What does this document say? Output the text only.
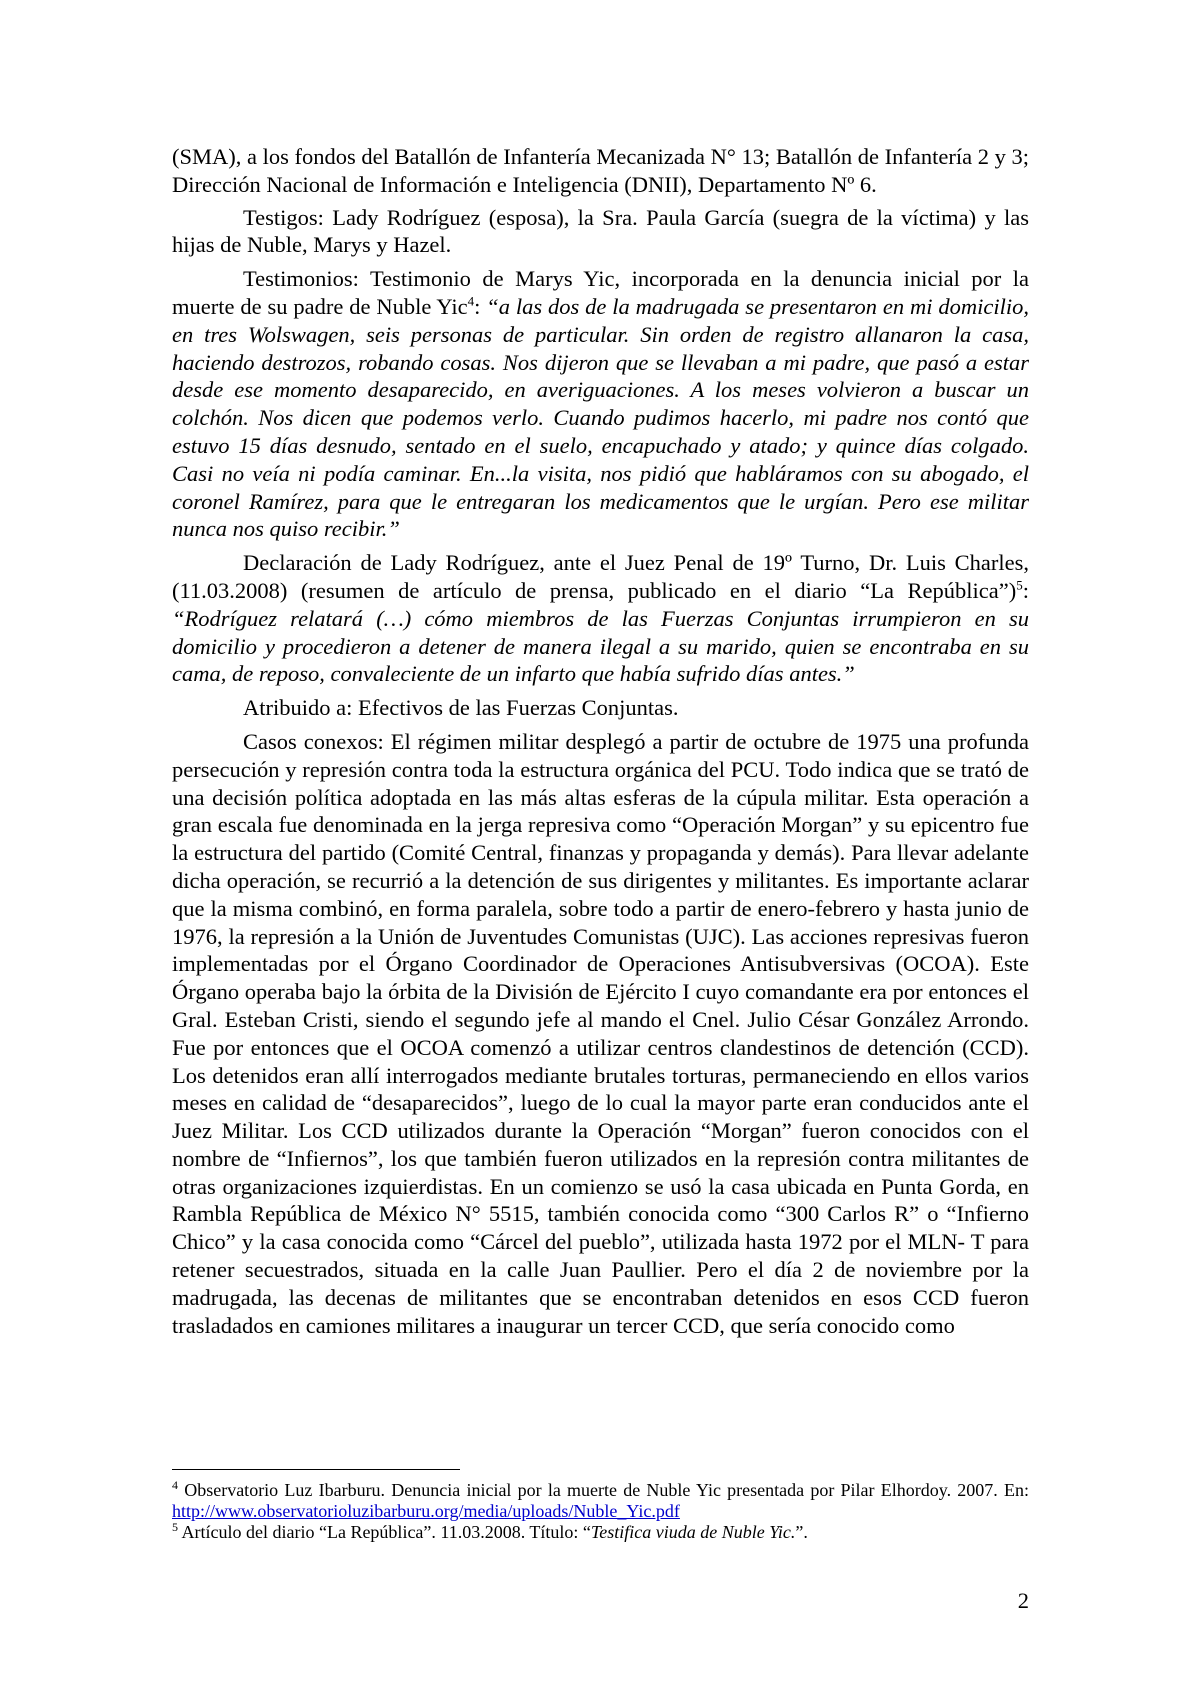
(SMA), a los fondos del Batallón de Infantería Mecanizada N° 13; Batallón de Infantería 2 y 3; Dirección Nacional de Información e Inteligencia (DNII), Departamento Nº 6.

Testigos: Lady Rodríguez (esposa), la Sra. Paula García (suegra de la víctima) y las hijas de Nuble, Marys y Hazel.

Testimonios: Testimonio de Marys Yic, incorporada en la denuncia inicial por la muerte de su padre de Nuble Yic$^4$: “a las dos de la madrugada se presentaron en mi domicilio, en tres Wolswagen, seis personas de particular. Sin orden de registro allanaron la casa, haciendo destrozos, robando cosas. Nos dijeron que se llevaban a mi padre, que pasó a estar desde ese momento desaparecido, en averiguaciones. A los meses volvieron a buscar un colchón. Nos dicen que podemos verlo. Cuando pudimos hacerlo, mi padre nos contó que estuvo 15 días desnudo, sentado en el suelo, encapuchado y atado; y quince días colgado. Casi no veía ni podía caminar. En...la visita, nos pidió que habláramos con su abogado, el coronel Ramírez, para que le entregaran los medicamentos que le urgían. Pero ese militar nunca nos quiso recibir.”

Declaración de Lady Rodríguez, ante el Juez Penal de 19º Turno, Dr. Luis Charles, (11.03.2008) (resumen de artículo de prensa, publicado en el diario “La República”)$^5$: “Rodríguez relatará (…) cómo miembros de las Fuerzas Conjuntas irrumpieron en su domicilio y procedieron a detener de manera ilegal a su marido, quien se encontraba en su cama, de reposo, convaleciente de un infarto que había sufrido días antes.”

Atribuido a: Efectivos de las Fuerzas Conjuntas.

Casos conexos: El régimen militar desplegó a partir de octubre de 1975 una profunda persecución y represión contra toda la estructura orgánica del PCU. Todo indica que se trató de una decisión política adoptada en las más altas esferas de la cúpula militar. Esta operación a gran escala fue denominada en la jerga represiva como “Operación Morgan” y su epicentro fue la estructura del partido (Comité Central, finanzas y propaganda y demás). Para llevar adelante dicha operación, se recurrió a la detención de sus dirigentes y militantes. Es importante aclarar que la misma combinó, en forma paralela, sobre todo a partir de enero-febrero y hasta junio de 1976, la represión a la Unión de Juventudes Comunistas (UJC). Las acciones represivas fueron implementadas por el Órgano Coordinador de Operaciones Antisubversivas (OCOA). Este Órgano operaba bajo la órbita de la División de Ejército I cuyo comandante era por entonces el Gral. Esteban Cristi, siendo el segundo jefe al mando el Cnel. Julio César González Arrondo. Fue por entonces que el OCOA comenzó a utilizar centros clandestinos de detención (CCD). Los detenidos eran allí interrogados mediante brutales torturas, permaneciendo en ellos varios meses en calidad de “desaparecidos”, luego de lo cual la mayor parte eran conducidos ante el Juez Militar. Los CCD utilizados durante la Operación “Morgan” fueron conocidos con el nombre de “Infiernos”, los que también fueron utilizados en la represión contra militantes de otras organizaciones izquierdistas. En un comienzo se usó la casa ubicada en Punta Gorda, en Rambla República de México N° 5515, también conocida como “300 Carlos R” o “Infierno Chico” y la casa conocida como “Cárcel del pueblo”, utilizada hasta 1972 por el MLN- T para retener secuestrados, situada en la calle Juan Paullier. Pero el día 2 de noviembre por la madrugada, las decenas de militantes que se encontraban detenidos en esos CCD fueron trasladados en camiones militares a inaugurar un tercer CCD, que sería conocido como

$^4$ Observatorio Luz Ibarburu. Denuncia inicial por la muerte de Nuble Yic presentada por Pilar Elhordoy. 2007. En: http://www.observatorioluzibarburu.org/media/uploads/Nuble_Yic.pdf

$^5$ Artículo del diario “La República”. 11.03.2008. Título: “Testifica viuda de Nuble Yic.”.

2
